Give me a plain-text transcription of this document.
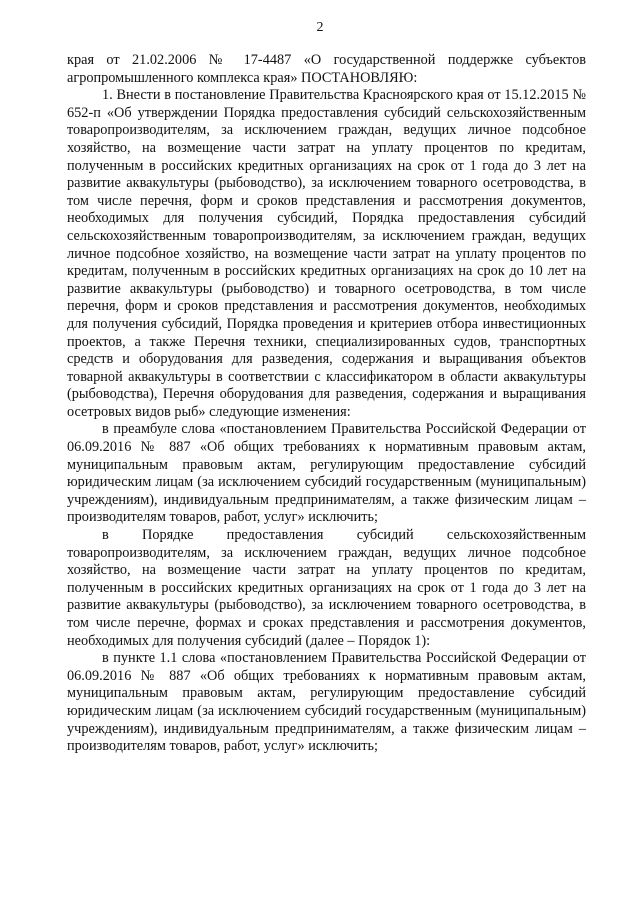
2

края от 21.02.2006 № 17-4487 «О государственной поддержке субъектов агропромышленного комплекса края» ПОСТАНОВЛЯЮ:

1. Внести в постановление Правительства Красноярского края от 15.12.2015 № 652-п «Об утверждении Порядка предоставления субсидий сельскохозяйственным товаропроизводителям, за исключением граждан, ведущих личное подсобное хозяйство, на возмещение части затрат на уплату процентов по кредитам, полученным в российских кредитных организациях на срок от 1 года до 3 лет на развитие аквакультуры (рыбоводство), за исключением товарного осетроводства, в том числе перечня, форм и сроков представления и рассмотрения документов, необходимых для получения субсидий, Порядка предоставления субсидий сельскохозяйственным товаропроизводителям, за исключением граждан, ведущих личное подсобное хозяйство, на возмещение части затрат на уплату процентов по кредитам, полученным в российских кредитных организациях на срок до 10 лет на развитие аквакультуры (рыбоводство) и товарного осетроводства, в том числе перечня, форм и сроков представления и рассмотрения документов, необходимых для получения субсидий, Порядка проведения и критериев отбора инвестиционных проектов, а также Перечня техники, специализированных судов, транспортных средств и оборудования для разведения, содержания и выращивания объектов товарной аквакультуры в соответствии с классификатором в области аквакультуры (рыбоводства), Перечня оборудования для разведения, содержания и выращивания осетровых видов рыб» следующие изменения:

в преамбуле слова «постановлением Правительства Российской Федерации от 06.09.2016 № 887 «Об общих требованиях к нормативным правовым актам, муниципальным правовым актам, регулирующим предоставление субсидий юридическим лицам (за исключением субсидий государственным (муниципальным) учреждениям), индивидуальным предпринимателям, а также физическим лицам – производителям товаров, работ, услуг» исключить;

в Порядке предоставления субсидий сельскохозяйственным товаропроизводителям, за исключением граждан, ведущих личное подсобное хозяйство, на возмещение части затрат на уплату процентов по кредитам, полученным в российских кредитных организациях на срок от 1 года до 3 лет на развитие аквакультуры (рыбоводство), за исключением товарного осетроводства, в том числе перечне, формах и сроках представления и рассмотрения документов, необходимых для получения субсидий (далее – Порядок 1):

в пункте 1.1 слова «постановлением Правительства Российской Федерации от 06.09.2016 № 887 «Об общих требованиях к нормативным правовым актам, муниципальным правовым актам, регулирующим предоставление субсидий юридическим лицам (за исключением субсидий государственным (муниципальным) учреждениям), индивидуальным предпринимателям, а также физическим лицам – производителям товаров, работ, услуг» исключить;
